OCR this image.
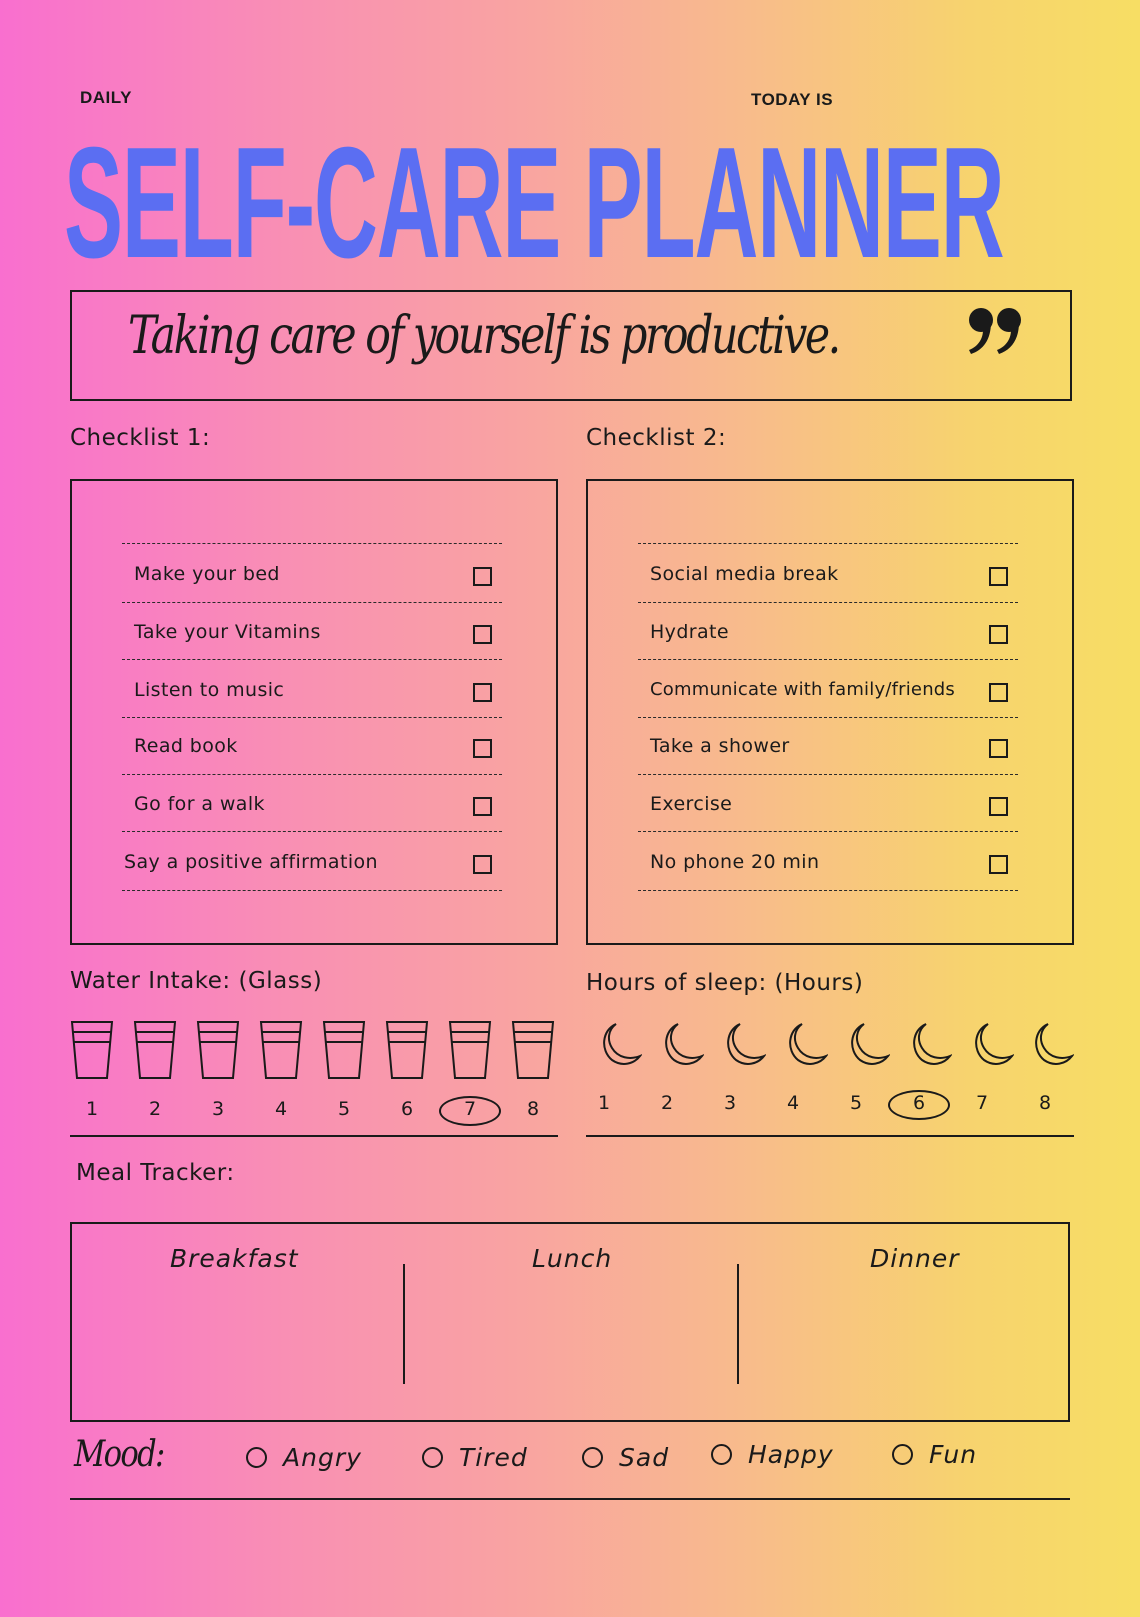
DAILY	TODAY IS
SELF-CARE PLANNER
Taking care of yourself is productive.
Checklist 1:	Checklist 2:
Make your bed
Take your Vitamins
Listen to music
Read book
Go for a walk
Say a positive affirmation
Social media break
Hydrate
Communicate with family/friends
Take a shower
Exercise
No phone 20 min
Water Intake: (Glass)
1	2	3	4	5	6	7	8
Hours of sleep: (Hours)
1	2	3	4	5	6	7	8
Meal Tracker:
Breakfast	Lunch	Dinner
Mood:	Angry	Tired	Sad	Happy	Fun
